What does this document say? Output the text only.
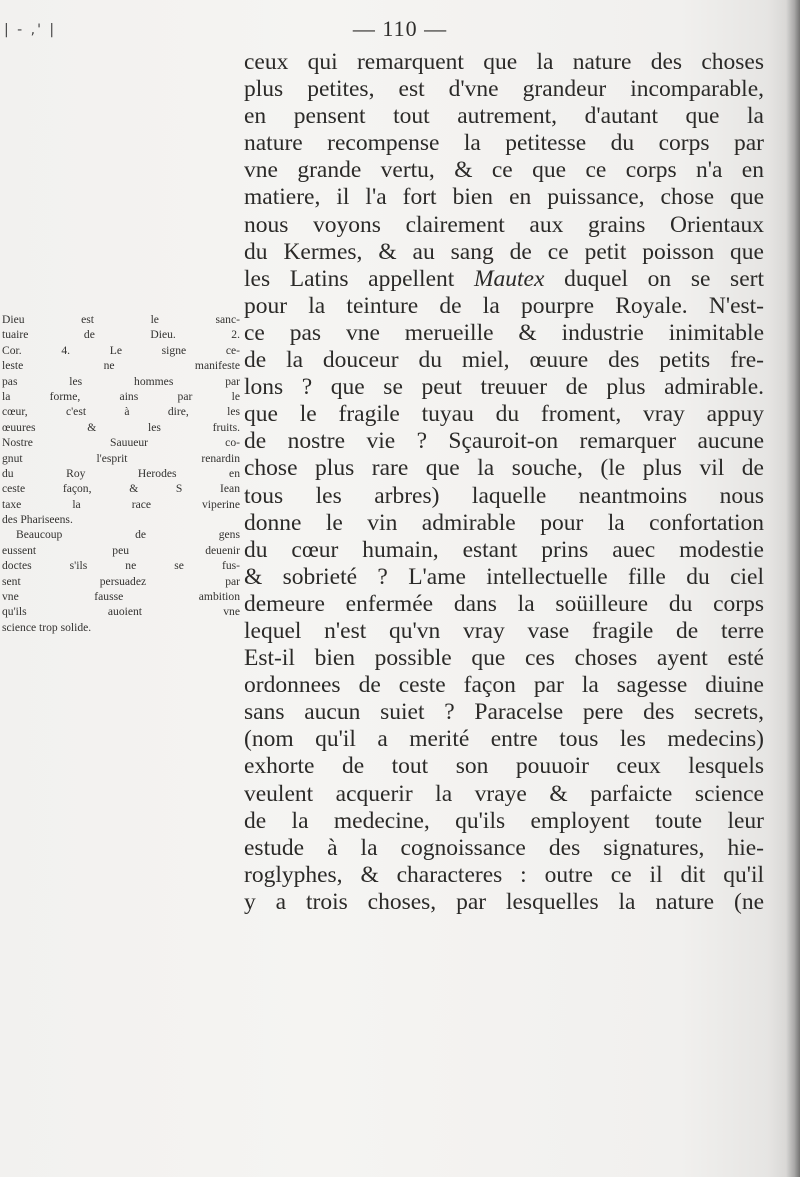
| - ,' |	— 110 —
ceux qui remarquent que la nature des choses
plus petites, est d'vne grandeur incomparable,
en pensent tout autrement, d'autant que la
nature recompense la petitesse du corps par
vne grande vertu, & ce que ce corps n'a en
matiere, il l'a fort bien en puissance, chose que
nous voyons clairement aux grains Orientaux
du Kermes, & au sang de ce petit poisson que
les Latins appellent Mautex duquel on se sert
pour la teinture de la pourpre Royale. N'est-
ce pas vne merueille & industrie inimitable
de la douceur du miel, œuure des petits fre-
lons ? que se peut treuuer de plus admirable.
que le fragile tuyau du froment, vray appuy
de nostre vie ? Sçauroit-on remarquer aucune
chose plus rare que la souche, (le plus vil de
tous les arbres) laquelle neantmoins nous
donne le vin admirable pour la confortation
du cœur humain, estant prins auec modestie
& sobrieté ? L'ame intellectuelle fille du ciel
demeure enfermée dans la soüilleure du corps
lequel n'est qu'vn vray vase fragile de terre
Est-il bien possible que ces choses ayent esté
ordonnees de ceste façon par la sagesse diuine
sans aucun suiet ? Paracelse pere des secrets,
(nom qu'il a merité entre tous les medecins)
exhorte de tout son pouuoir ceux lesquels
veulent acquerir la vraye & parfaicte science
de la medecine, qu'ils employent toute leur
estude à la cognoissance des signatures, hie-
roglyphes, & characteres : outre ce il dit qu'il
y a trois choses, par lesquelles la nature (ne
Dieu est le sanc-
tuaire de Dieu. 2.
Cor. 4. Le signe ce-
leste ne manifeste
pas les hommes par
la forme, ains par le
cœur, c'est à dire, les
œuures & les fruits.
Nostre Sauueur co-
gnut l'esprit renardin
du Roy Herodes en
ceste façon, & S Iean
taxe la race viperine
des Phariseens.
Beaucoup de gens
eussent peu deuenir
doctes s'ils ne se fus-
sent persuadez par
vne fausse ambition
qu'ils auoient vne
science trop solide.
